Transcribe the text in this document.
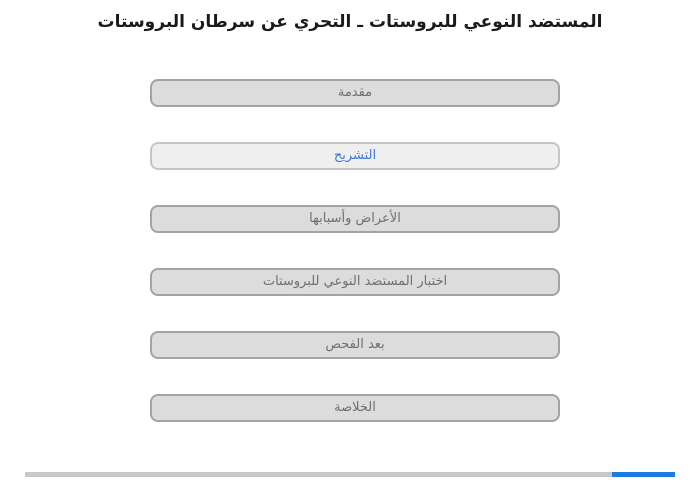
المستضد النوعي للبروستات ـ التحري عن سرطان البروستات
مقدمة
التشريح
الأعراض وأسبابها
اختبار المستضد النوعي للبروستات
بعد الفحص
الخلاصة
